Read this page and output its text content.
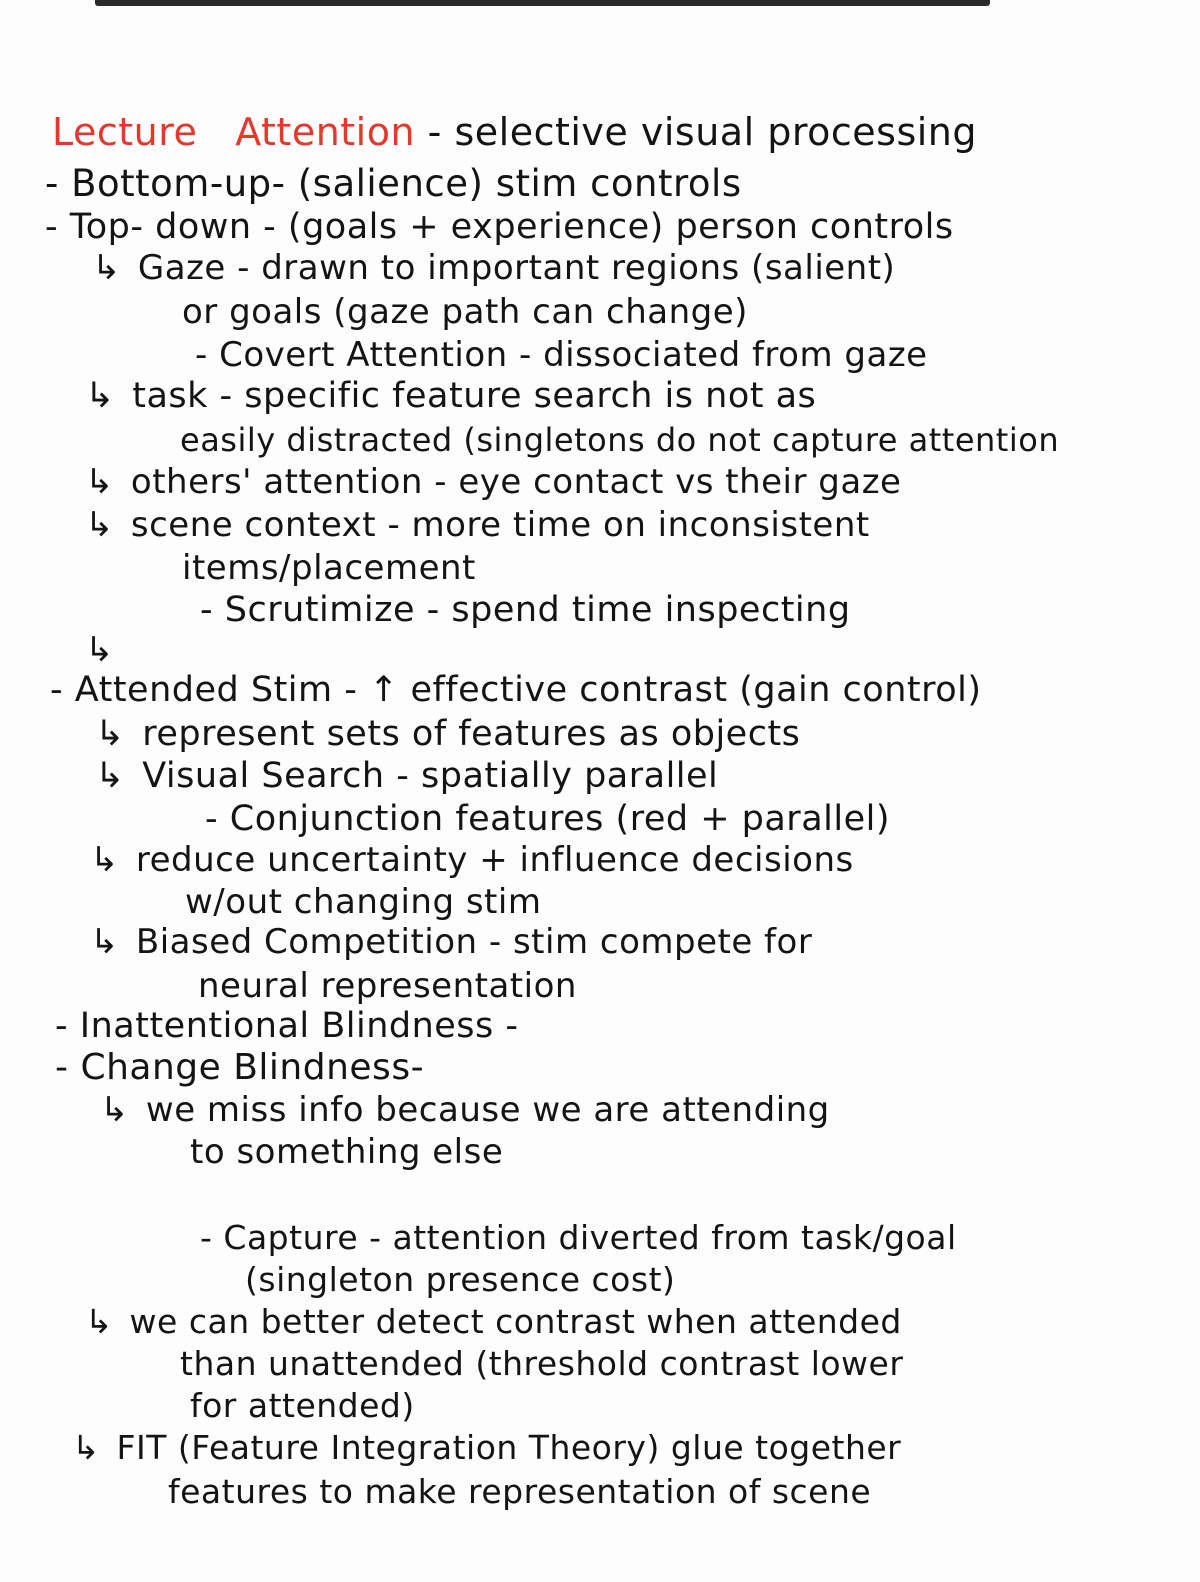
Lecture Attention - selective visual processing
- Bottom-up- (salience) stim controls
- Top- down - (goals + experience) person controls
↳ Gaze - drawn to important regions (salient)
or goals (gaze path can change)
- Covert Attention - dissociated from gaze
↳ task - specific feature search is not as
easily distracted (singletons do not capture attention
↳ others' attention - eye contact vs their gaze
↳ scene context - more time on inconsistent
items/placement
- Scrutimize - spend time inspecting
↳
- Attended Stim - ↑ effective contrast (gain control)
↳ represent sets of features as objects
↳ Visual Search - spatially parallel
- Conjunction features (red + parallel)
↳ reduce uncertainty + influence decisions
w/out changing stim
↳ Biased Competition - stim compete for
neural representation
- Inattentional Blindness -
- Change Blindness-
↳ we miss info because we are attending
to something else
- Capture - attention diverted from task/goal
(singleton presence cost)
↳ we can better detect contrast when attended
than unattended (threshold contrast lower
for attended)
↳ FIT (Feature Integration Theory) glue together
features to make representation of scene
